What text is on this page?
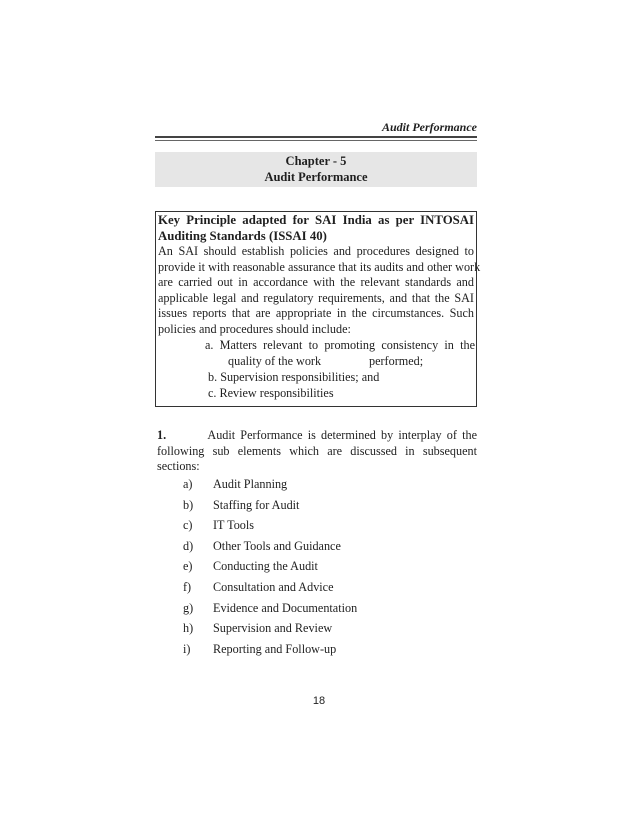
Audit Performance
Chapter - 5
Audit Performance
Key Principle adapted for SAI India as per INTOSAI
Auditing Standards (ISSAI 40)
An SAI should establish policies and procedures designed to
provide it with reasonable assurance that its audits and other work
are carried out in accordance with the relevant standards and
applicable legal and regulatory requirements, and that the SAI
issues reports that are appropriate in the circumstances. Such
policies and procedures should include:
a. Matters relevant to promoting consistency in the
quality of the work	performed;
b. Supervision responsibilities; and
c. Review responsibilities
1.	Audit Performance is determined by interplay of the
following sub elements which are discussed in subsequent
sections:
a) Audit Planning
b) Staffing for Audit
c) IT Tools
d) Other Tools and Guidance
e) Conducting the Audit
f) Consultation and Advice
g) Evidence and Documentation
h) Supervision and Review
i) Reporting and Follow-up
18
